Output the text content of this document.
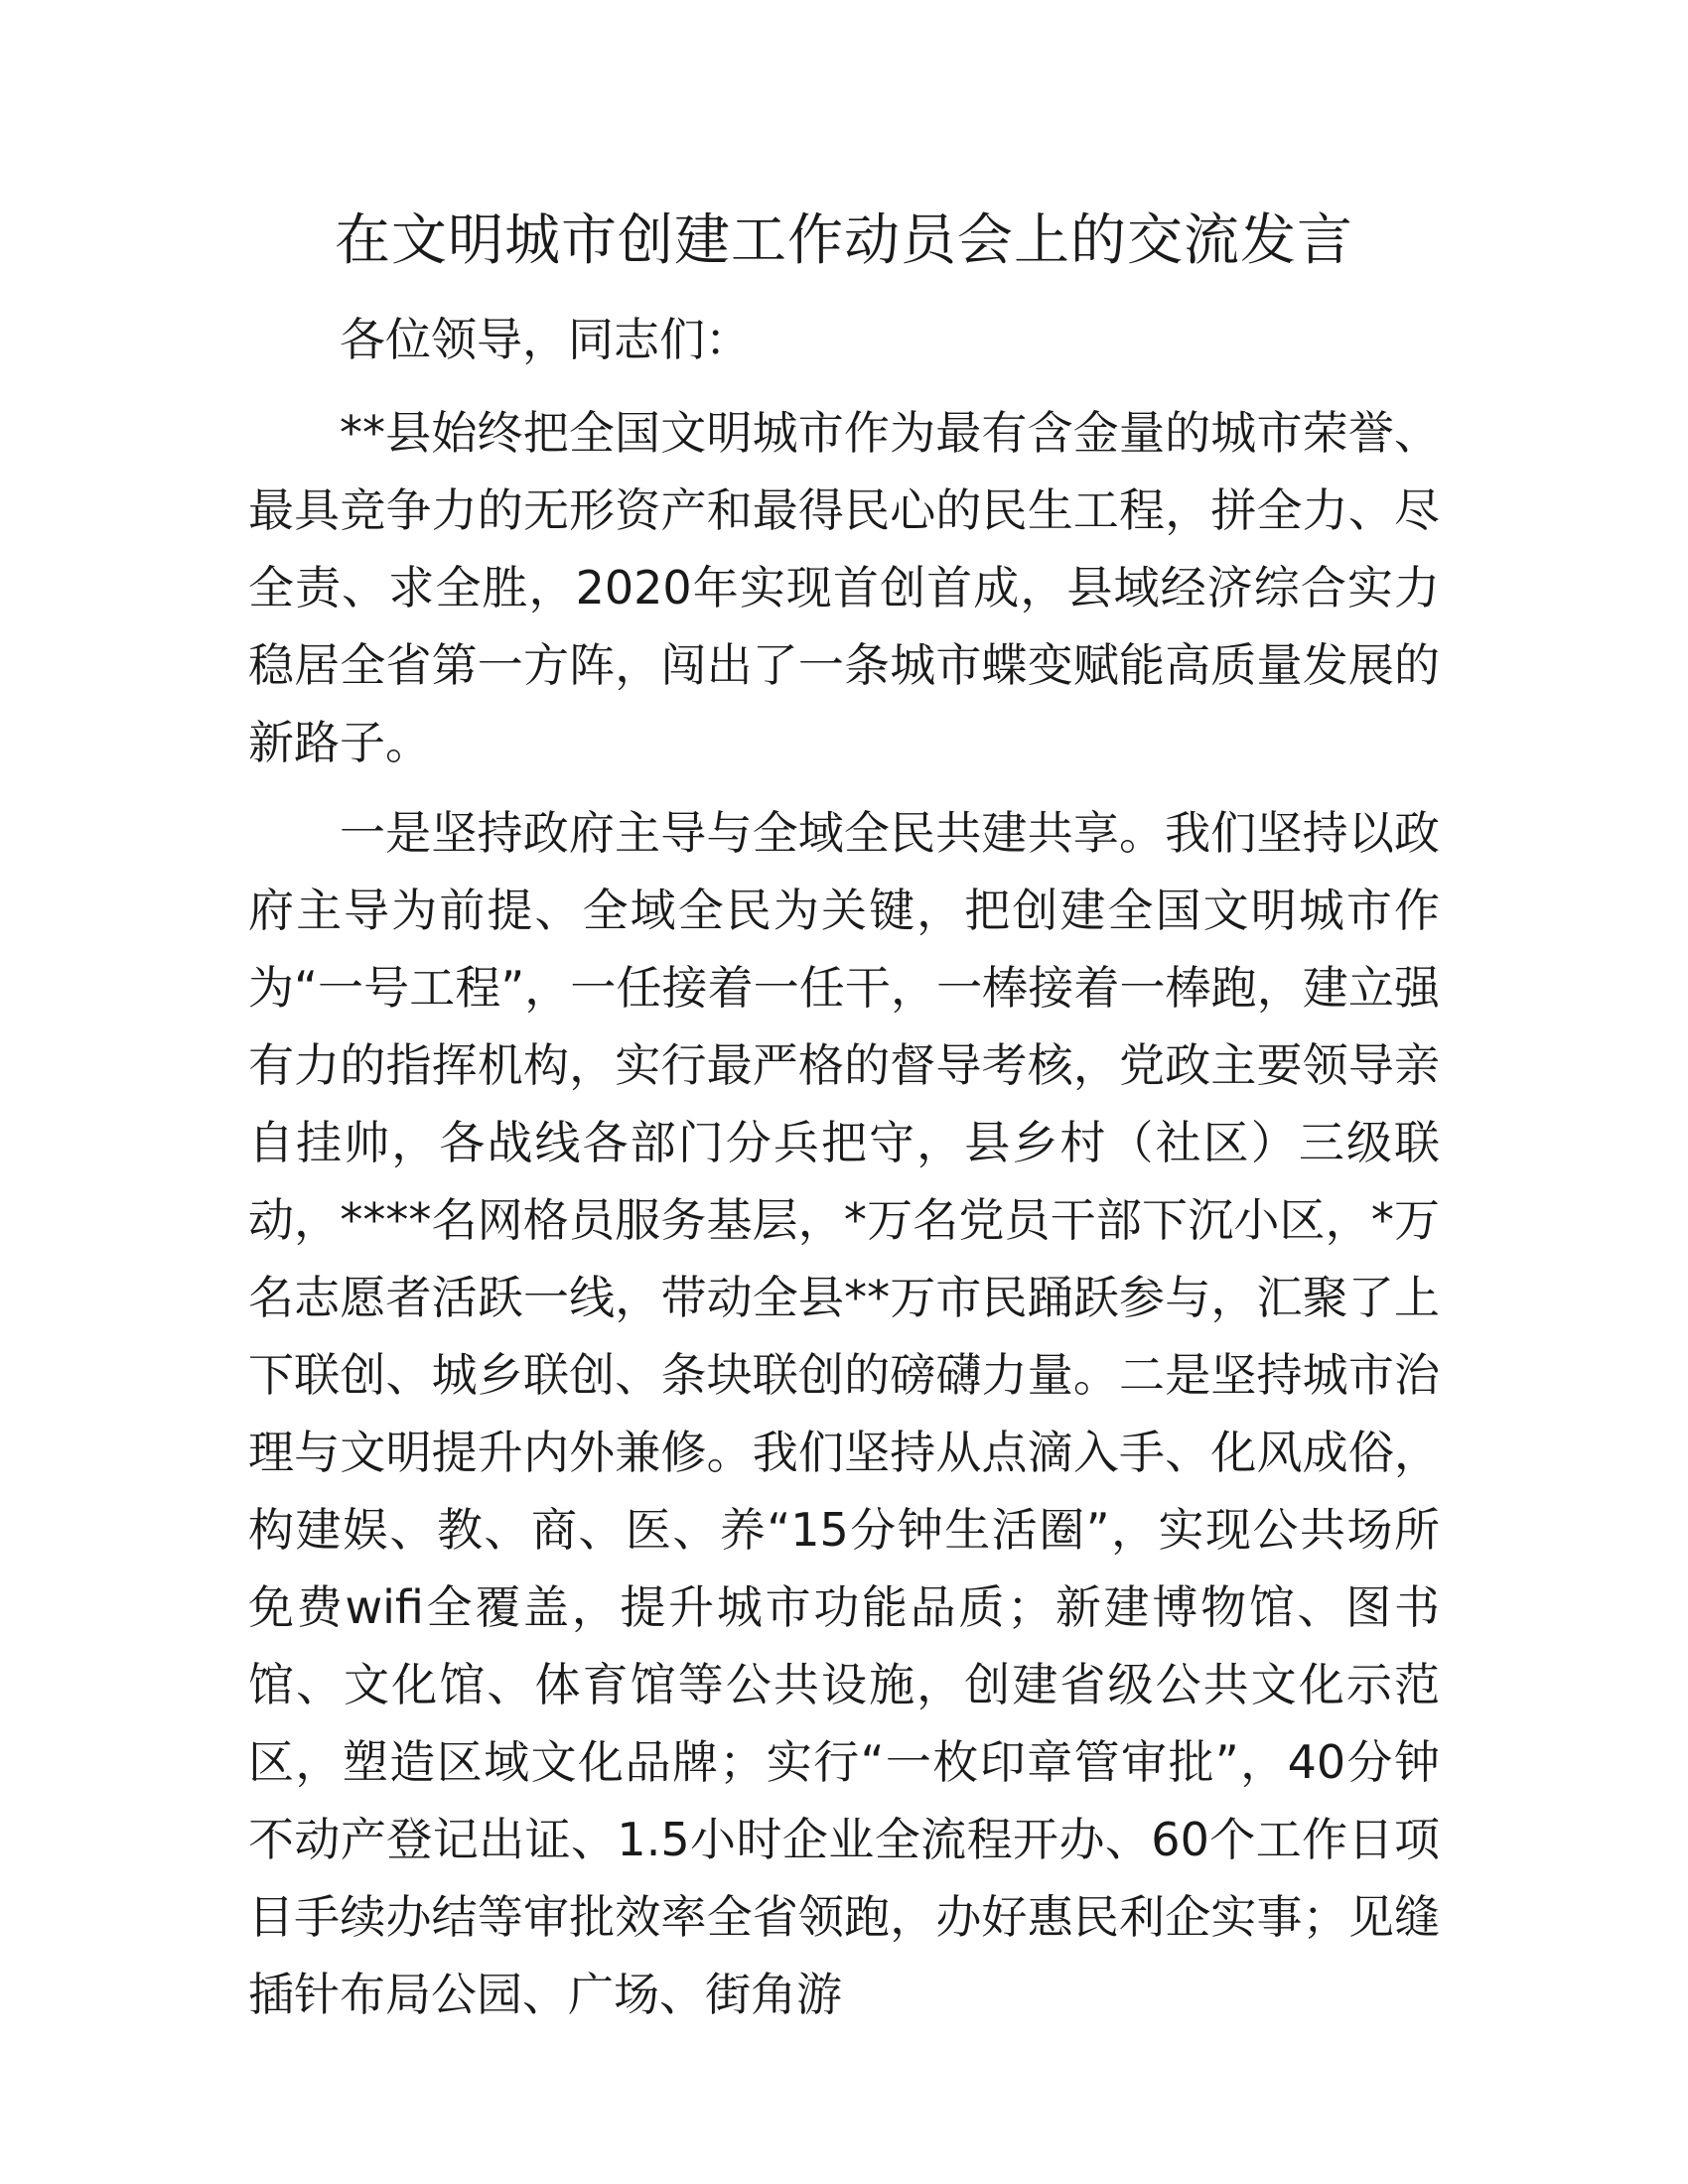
在文明城市创建工作动员会上的交流发言

各位领导，同志们：

**县始终把全国文明城市作为最有含金量的城市荣誉、最具竞争力的无形资产和最得民心的民生工程，拼全力、尽全责、求全胜，2020年实现首创首成，县域经济综合实力稳居全省第一方阵，闯出了一条城市蝶变赋能高质量发展的新路子。

一是坚持政府主导与全域全民共建共享。我们坚持以政府主导为前提、全域全民为关键，把创建全国文明城市作为“一号工程”，一任接着一任干，一棒接着一棒跑，建立强有力的指挥机构，实行最严格的督导考核，党政主要领导亲自挂帅，各战线各部门分兵把守，县乡村（社区）三级联动，****名网格员服务基层，*万名党员干部下沉小区，*万名志愿者活跃一线，带动全县**万市民踊跃参与，汇聚了上下联创、城乡联创、条块联创的磅礴力量。二是坚持城市治理与文明提升内外兼修。我们坚持从点滴入手、化风成俗，构建娱、教、商、医、养“15分钟生活圈”，实现公共场所免费wifi全覆盖，提升城市功能品质；新建博物馆、图书馆、文化馆、体育馆等公共设施，创建省级公共文化示范区，塑造区域文化品牌；实行“一枚印章管审批”，40分钟不动产登记出证、1.5小时企业全流程开办、60个工作日项目手续办结等审批效率全省领跑，办好惠民利企实事；见缝插针布局公园、广场、街角游
